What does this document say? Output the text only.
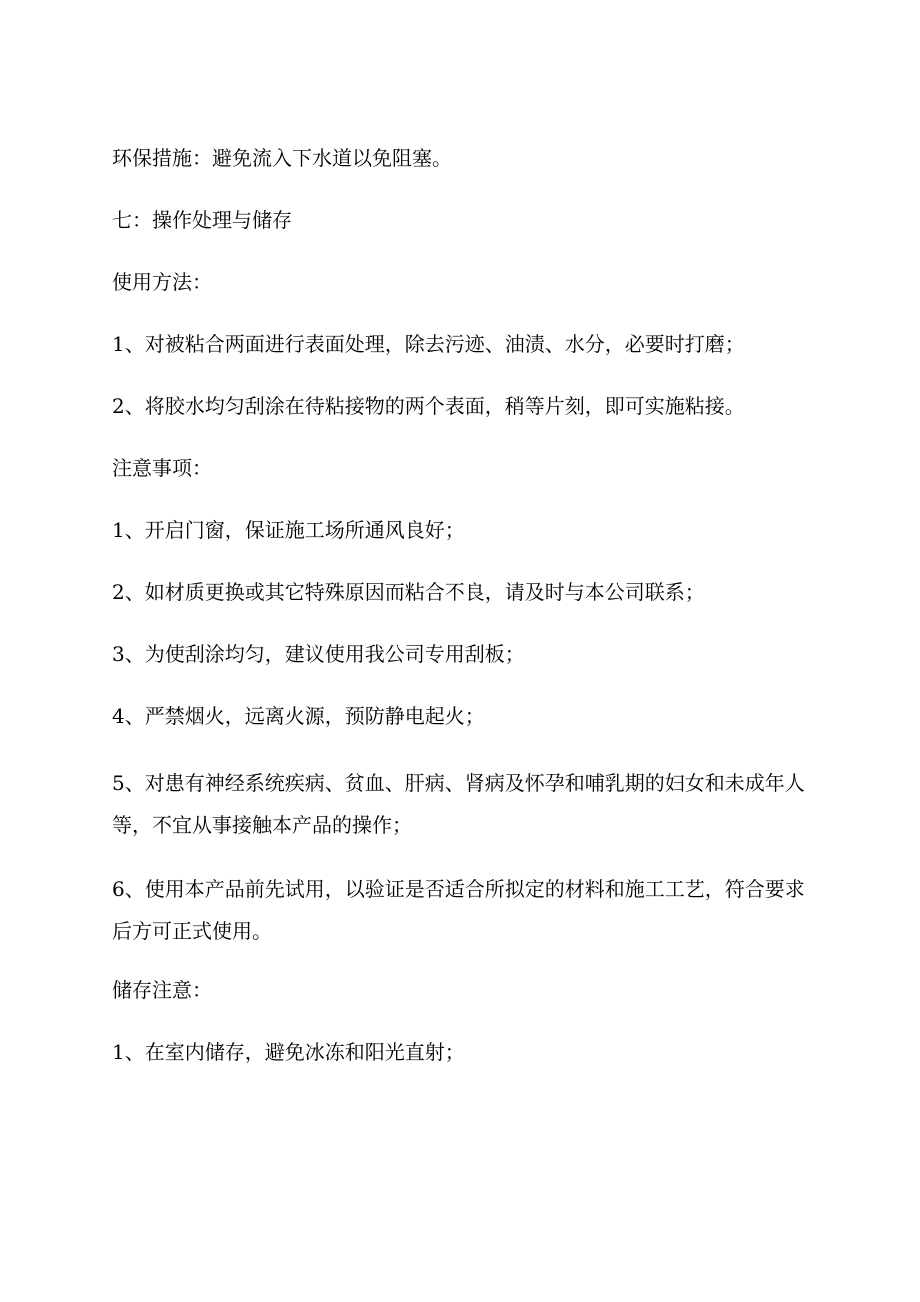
环保措施：避免流入下水道以免阻塞。

七：操作处理与储存

使用方法：

1、对被粘合两面进行表面处理，除去污迹、油渍、水分，必要时打磨；

2、将胶水均匀刮涂在待粘接物的两个表面，稍等片刻，即可实施粘接。

注意事项：

1、开启门窗，保证施工场所通风良好；

2、如材质更换或其它特殊原因而粘合不良，请及时与本公司联系；

3、为使刮涂均匀，建议使用我公司专用刮板；

4、严禁烟火，远离火源，预防静电起火；

5、对患有神经系统疾病、贫血、肝病、肾病及怀孕和哺乳期的妇女和未成年人等，不宜从事接触本产品的操作；

6、使用本产品前先试用，以验证是否适合所拟定的材料和施工工艺，符合要求后方可正式使用。

储存注意：

1、在室内储存，避免冰冻和阳光直射；
